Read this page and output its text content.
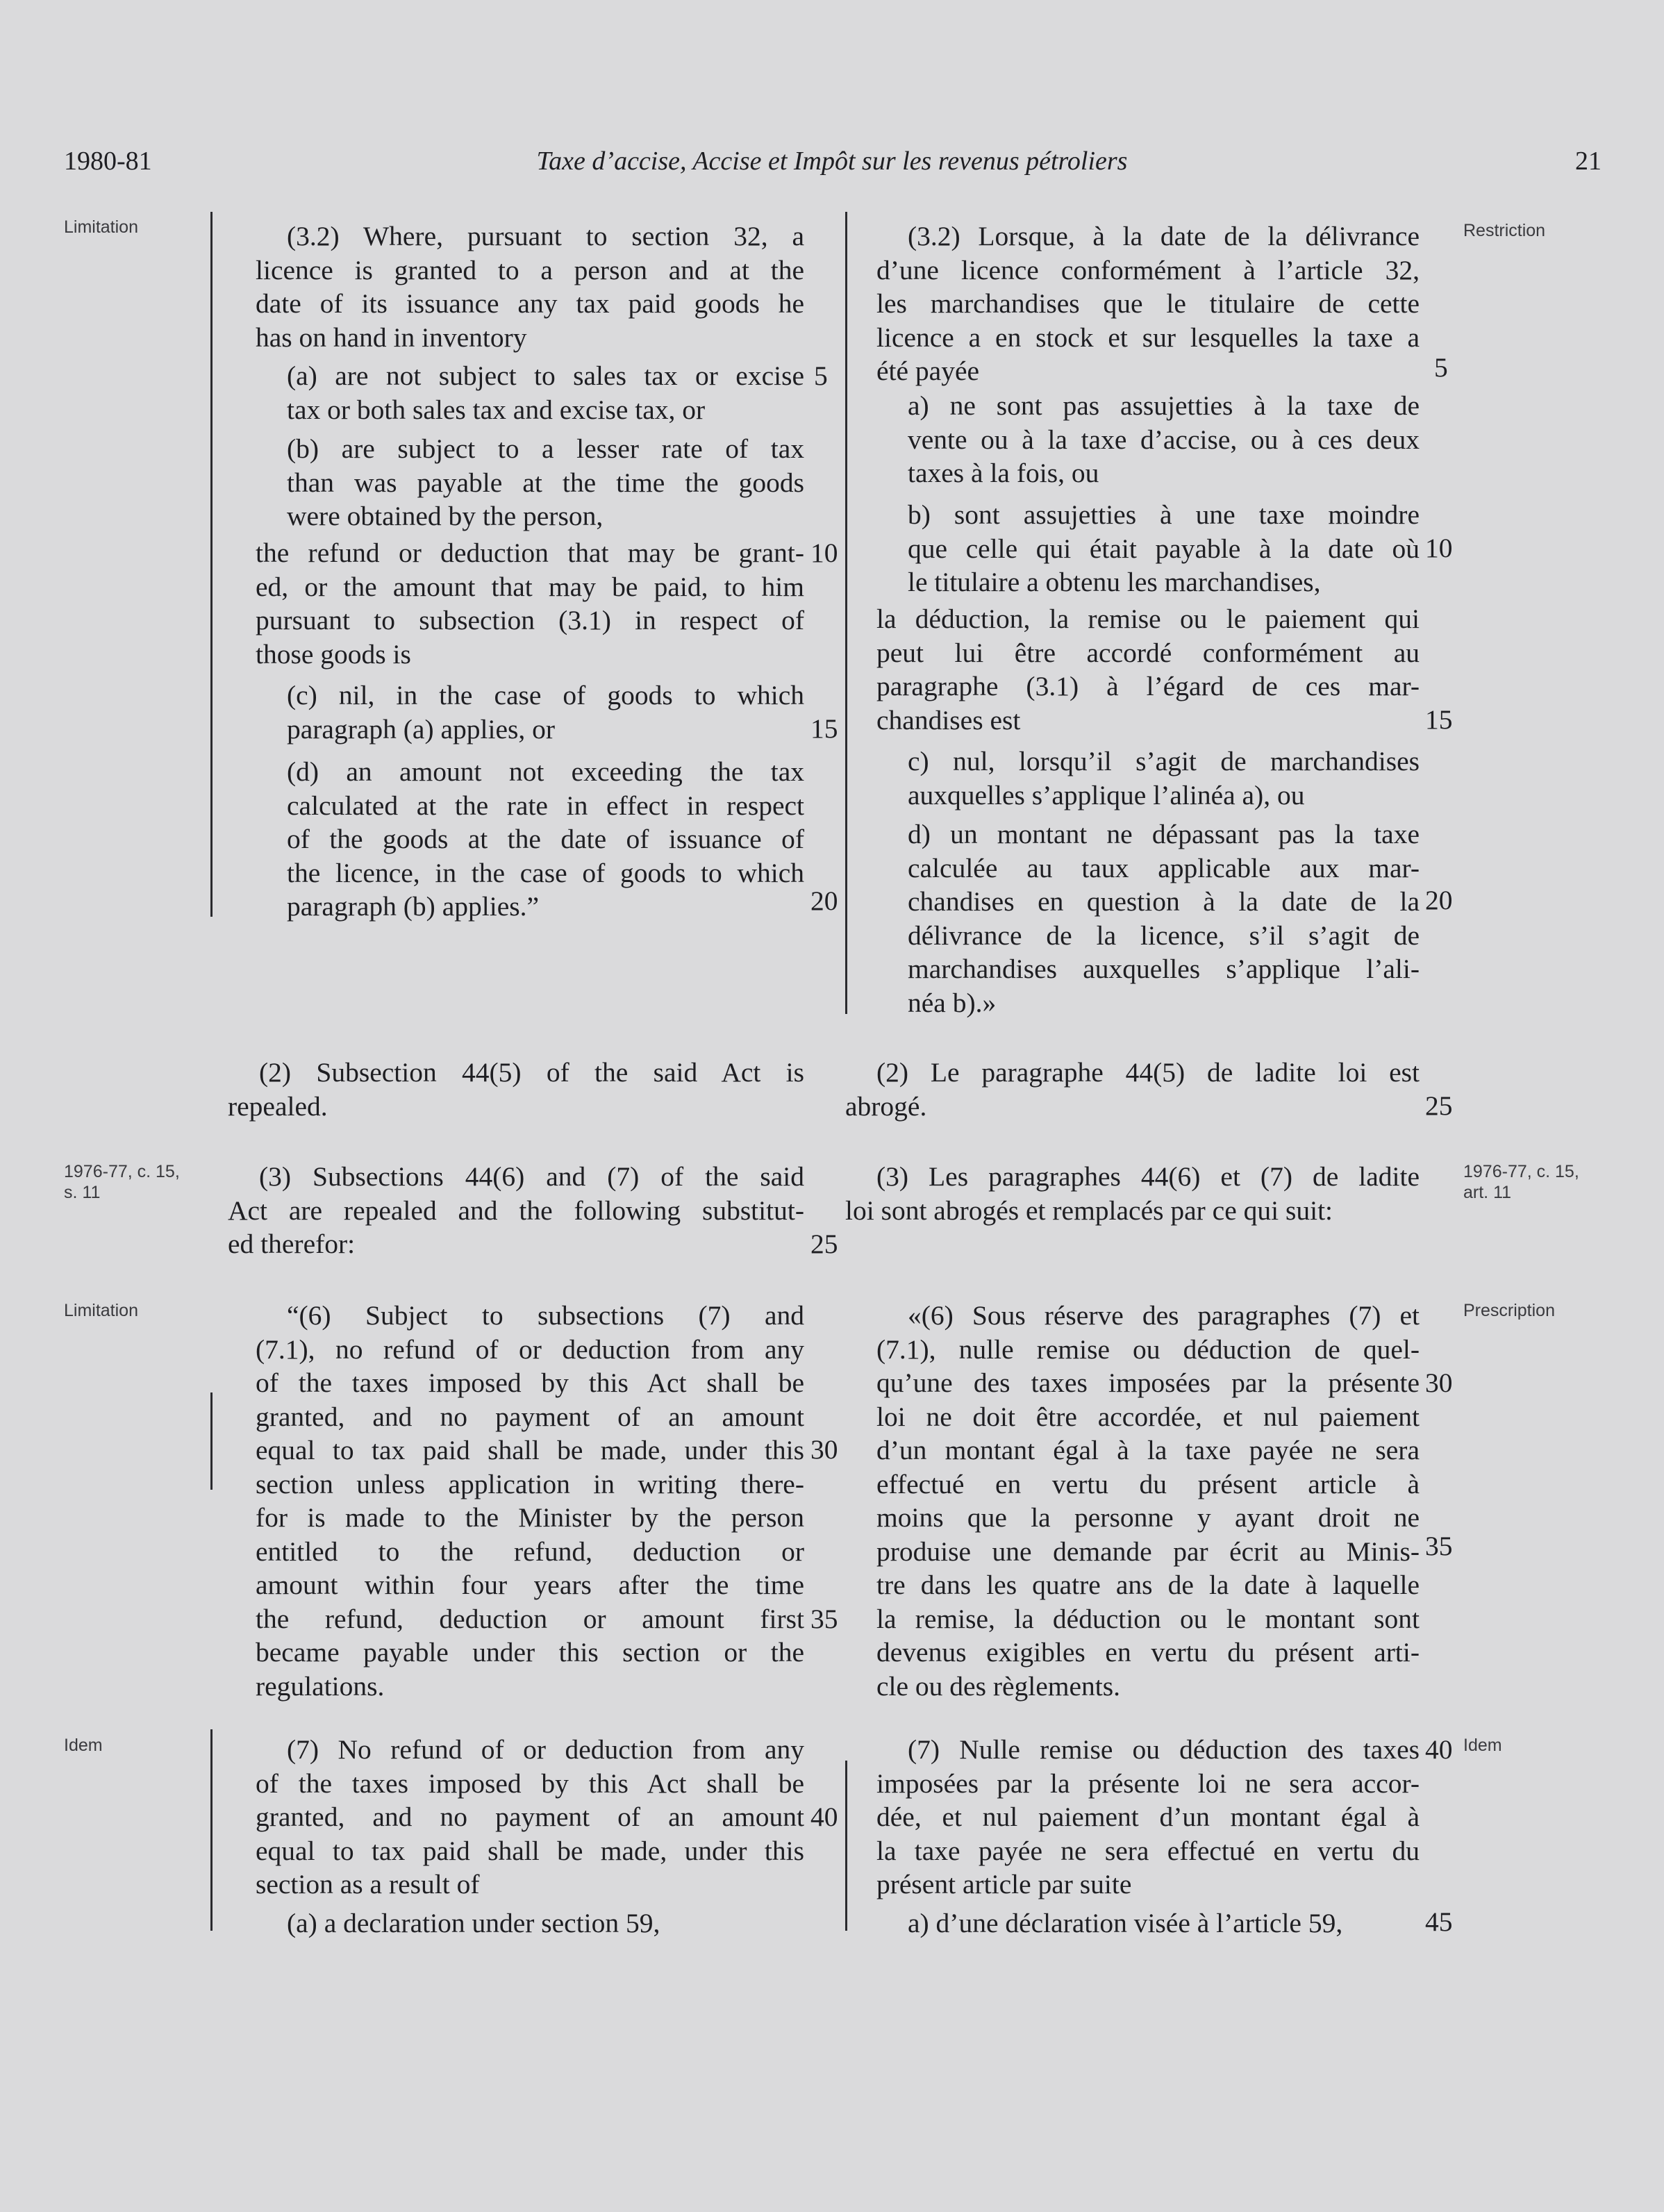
1980-81	Taxe d’accise, Accise et Impôt sur les revenus pétroliers	21
Limitation
1976-77, c. 15,
s. 11
Limitation
Idem
Restriction
1976-77, c. 15,
art. 11
Prescription
Idem

(3.2) Where, pursuant to section 32, a

licence is granted to a person and at the
date of its issuance any tax paid goods he
has on hand in inventory
(a) are not subject to sales tax or excise
tax or both sales tax and excise tax, or
(b) are subject to a lesser rate of tax
than was payable at the time the goods
were obtained by the person,
the refund or deduction that may be grant-
ed, or the amount that may be paid, to him
pursuant to subsection (3.1) in respect of
those goods is
(c) nil, in the case of goods to which
paragraph (a) applies, or
(d) an amount not exceeding the tax
calculated at the rate in effect in respect
of the goods at the date of issuance of
the licence, in the case of goods to which
paragraph (b) applies.”
(2) Subsection 44(5) of the said Act is
repealed.
(3) Subsections 44(6) and (7) of the said
Act are repealed and the following substitut-
ed therefor:
“(6) Subject to subsections (7) and
(7.1), no refund of or deduction from any
of the taxes imposed by this Act shall be
granted, and no payment of an amount
equal to tax paid shall be made, under this
section unless application in writing there-
for is made to the Minister by the person
entitled to the refund, deduction or
amount within four years after the time
the refund, deduction or amount first
became payable under this section or the
regulations.
(7) No refund of or deduction from any
of the taxes imposed by this Act shall be
granted, and no payment of an amount
equal to tax paid shall be made, under this
section as a result of
(a) a declaration under section 59,
5
10
15
20
25
30
35
40
(3.2) Lorsque, à la date de la délivrance
d’une licence conformément à l’article 32,
les marchandises que le titulaire de cette
licence a en stock et sur lesquelles la taxe a
été payée
a) ne sont pas assujetties à la taxe de
vente ou à la taxe d’accise, ou à ces deux
taxes à la fois, ou
b) sont assujetties à une taxe moindre
que celle qui était payable à la date où
le titulaire a obtenu les marchandises,
la déduction, la remise ou le paiement qui
peut lui être accordé conformément au
paragraphe (3.1) à l’égard de ces mar-
chandises est
c) nul, lorsqu’il s’agit de marchandises
auxquelles s’applique l’alinéa a), ou
d) un montant ne dépassant pas la taxe
calculée au taux applicable aux mar-
chandises en question à la date de la
délivrance de la licence, s’il s’agit de
marchandises auxquelles s’applique l’ali-
néa b).»
(2) Le paragraphe 44(5) de ladite loi est
abrogé.
(3) Les paragraphes 44(6) et (7) de ladite
loi sont abrogés et remplacés par ce qui suit:
«(6) Sous réserve des paragraphes (7) et
(7.1), nulle remise ou déduction de quel-
qu’une des taxes imposées par la présente
loi ne doit être accordée, et nul paiement
d’un montant égal à la taxe payée ne sera
effectué en vertu du présent article à
moins que la personne y ayant droit ne
produise une demande par écrit au Minis-
tre dans les quatre ans de la date à laquelle
la remise, la déduction ou le montant sont
devenus exigibles en vertu du présent arti-
cle ou des règlements.
(7) Nulle remise ou déduction des taxes
imposées par la présente loi ne sera accor-
dée, et nul paiement d’un montant égal à
la taxe payée ne sera effectué en vertu du
présent article par suite
a) d’une déclaration visée à l’article 59,
5
10
15
20
25
30
35
40
45
